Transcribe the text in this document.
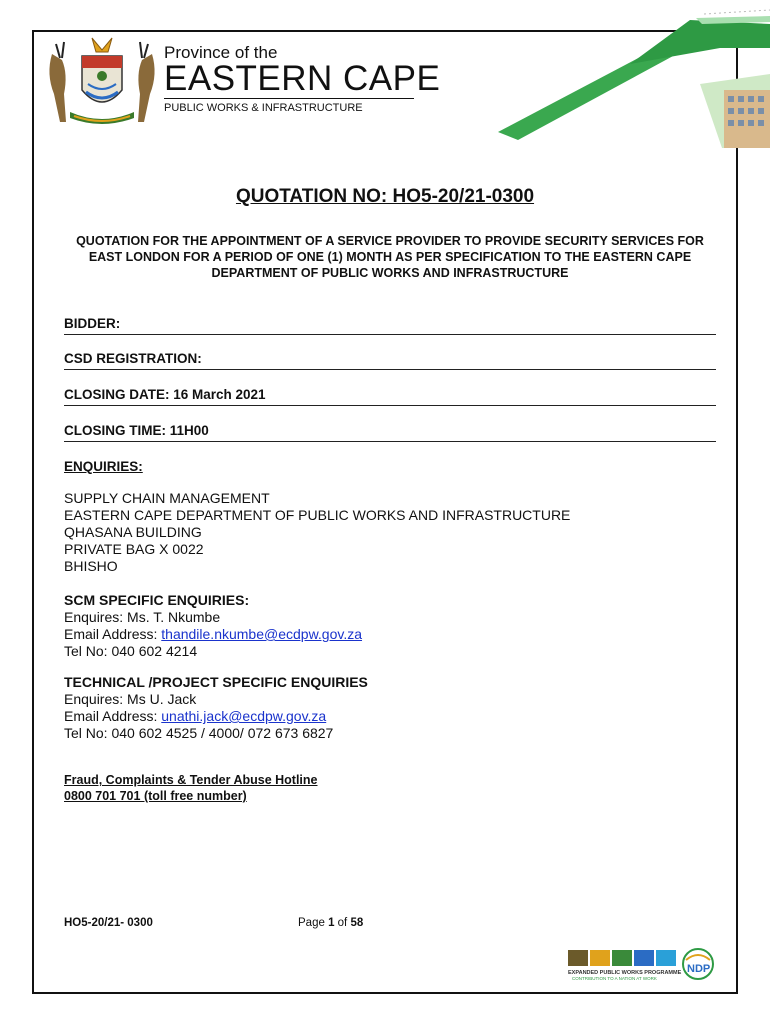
Province of the
EASTERN CAPE
PUBLIC WORKS & INFRASTRUCTURE
QUOTATION NO: HO5-20/21-0300
QUOTATION FOR THE APPOINTMENT OF A SERVICE PROVIDER TO PROVIDE SECURITY SERVICES FOR EAST LONDON FOR A PERIOD OF ONE (1) MONTH AS PER SPECIFICATION TO THE EASTERN CAPE DEPARTMENT OF PUBLIC WORKS AND INFRASTRUCTURE
BIDDER:
CSD REGISTRATION:
CLOSING DATE: 16 March 2021
CLOSING TIME: 11H00
ENQUIRIES:
SUPPLY CHAIN MANAGEMENT
EASTERN CAPE DEPARTMENT OF PUBLIC WORKS AND INFRASTRUCTURE
QHASANA BUILDING
PRIVATE BAG X 0022
BHISHO
SCM SPECIFIC ENQUIRIES:
Enquires: Ms. T. Nkumbe
Email Address: thandile.nkumbe@ecdpw.gov.za
Tel No: 040 602 4214
TECHNICAL /PROJECT SPECIFIC ENQUIRIES
Enquires: Ms U. Jack
Email Address: unathi.jack@ecdpw.gov.za
Tel No: 040 602 4525 / 4000/ 072 673 6827
Fraud, Complaints & Tender Abuse Hotline
0800 701 701 (toll free number)
HO5-20/21- 0300	Page 1 of 58
EXPANDED PUBLIC WORKS PROGRAMME
CONTRIBUTION TO A NATION AT WORK
NDP
